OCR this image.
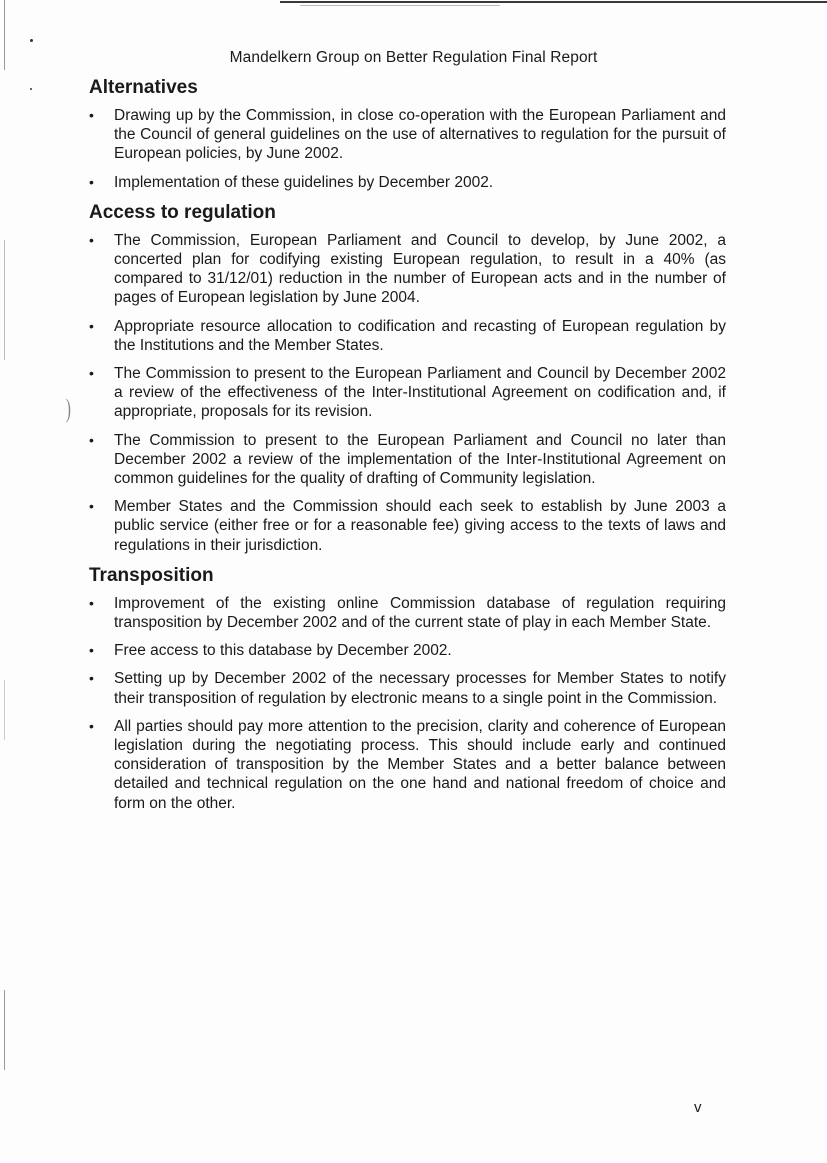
)
Mandelkern Group on Better Regulation Final Report
Alternatives
• Drawing up by the Commission, in close co-operation with the European Parliament and the Council of general guidelines on the use of alternatives to regulation for the pursuit of European policies, by June 2002.
• Implementation of these guidelines by December 2002.
Access to regulation
• The Commission, European Parliament and Council to develop, by June 2002, a concerted plan for codifying existing European regulation, to result in a 40% (as compared to 31/12/01) reduction in the number of European acts and in the number of pages of European legislation by June 2004.
• Appropriate resource allocation to codification and recasting of European regulation by the Institutions and the Member States.
• The Commission to present to the European Parliament and Council by December 2002 a review of the effectiveness of the Inter-Institutional Agreement on codification and, if appropriate, proposals for its revision.
• The Commission to present to the European Parliament and Council no later than December 2002 a review of the implementation of the Inter-Institutional Agreement on common guidelines for the quality of drafting of Community legislation.
• Member States and the Commission should each seek to establish by June 2003 a public service (either free or for a reasonable fee) giving access to the texts of laws and regulations in their jurisdiction.
Transposition
• Improvement of the existing online Commission database of regulation requiring transposition by December 2002 and of the current state of play in each Member State.
• Free access to this database by December 2002.
• Setting up by December 2002 of the necessary processes for Member States to notify their transposition of regulation by electronic means to a single point in the Commission.
• All parties should pay more attention to the precision, clarity and coherence of European legislation during the negotiating process. This should include early and continued consideration of transposition by the Member States and a better balance between detailed and technical regulation on the one hand and national freedom of choice and form on the other.
v
